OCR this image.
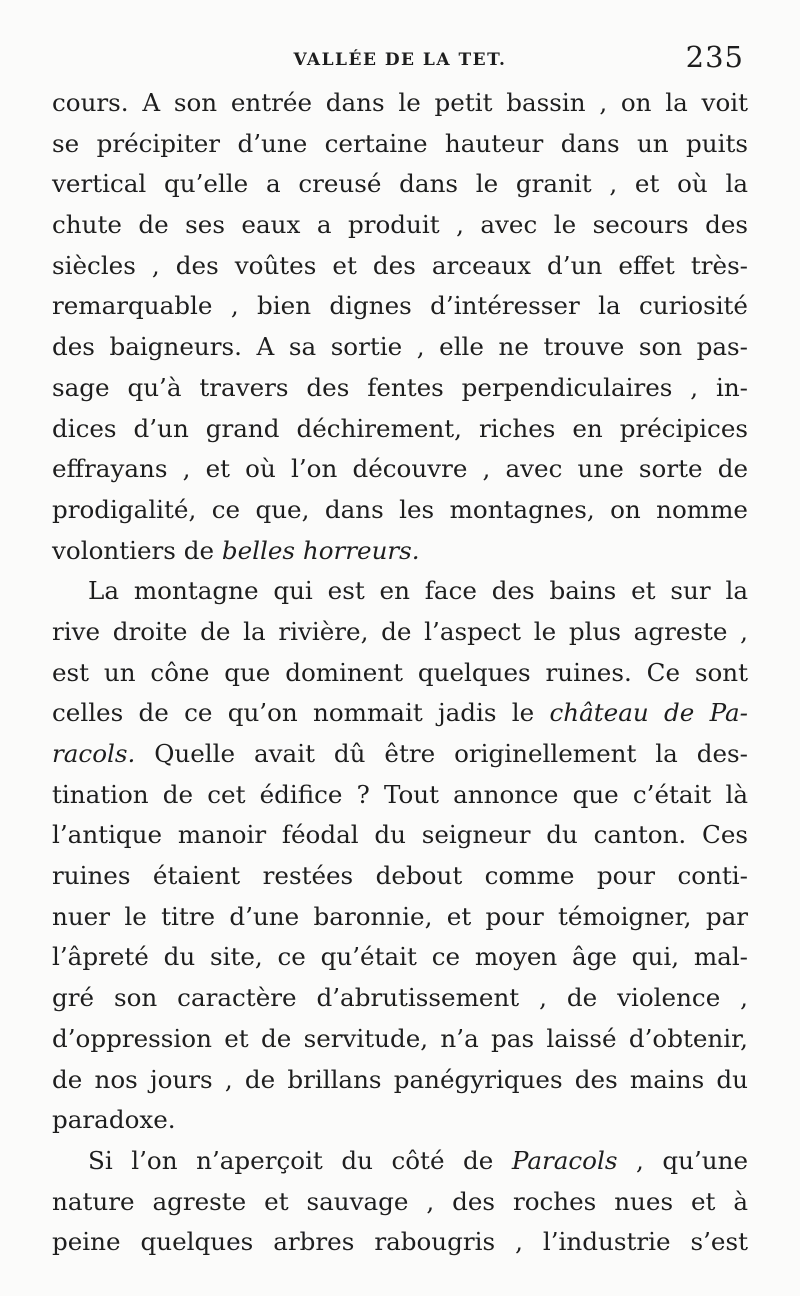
VALLÉE DE LA TET.	235
cours. A son entrée dans le petit bassin , on la voit
se précipiter d’une certaine hauteur dans un puits
vertical qu’elle a creusé dans le granit , et où la
chute de ses eaux a produit , avec le secours des
siècles , des voûtes et des arceaux d’un effet très-
remarquable , bien dignes d’intéresser la curiosité
des baigneurs. A sa sortie , elle ne trouve son pas-
sage qu’à travers des fentes perpendiculaires , in-
dices d’un grand déchirement, riches en précipices
effrayans , et où l’on découvre , avec une sorte de
prodigalité, ce que, dans les montagnes, on nomme
volontiers de belles horreurs.
La montagne qui est en face des bains et sur la
rive droite de la rivière, de l’aspect le plus agreste ,
est un cône que dominent quelques ruines. Ce sont
celles de ce qu’on nommait jadis le château de Pa-
racols. Quelle avait dû être originellement la des-
tination de cet édifice ? Tout annonce que c’était là
l’antique manoir féodal du seigneur du canton. Ces
ruines étaient restées debout comme pour conti-
nuer le titre d’une baronnie, et pour témoigner, par
l’âpreté du site, ce qu’était ce moyen âge qui, mal-
gré son caractère d’abrutissement , de violence ,
d’oppression et de servitude, n’a pas laissé d’obtenir,
de nos jours , de brillans panégyriques des mains du
paradoxe.
Si l’on n’aperçoit du côté de Paracols , qu’une
nature agreste et sauvage , des roches nues et à
peine quelques arbres rabougris , l’industrie s’est
